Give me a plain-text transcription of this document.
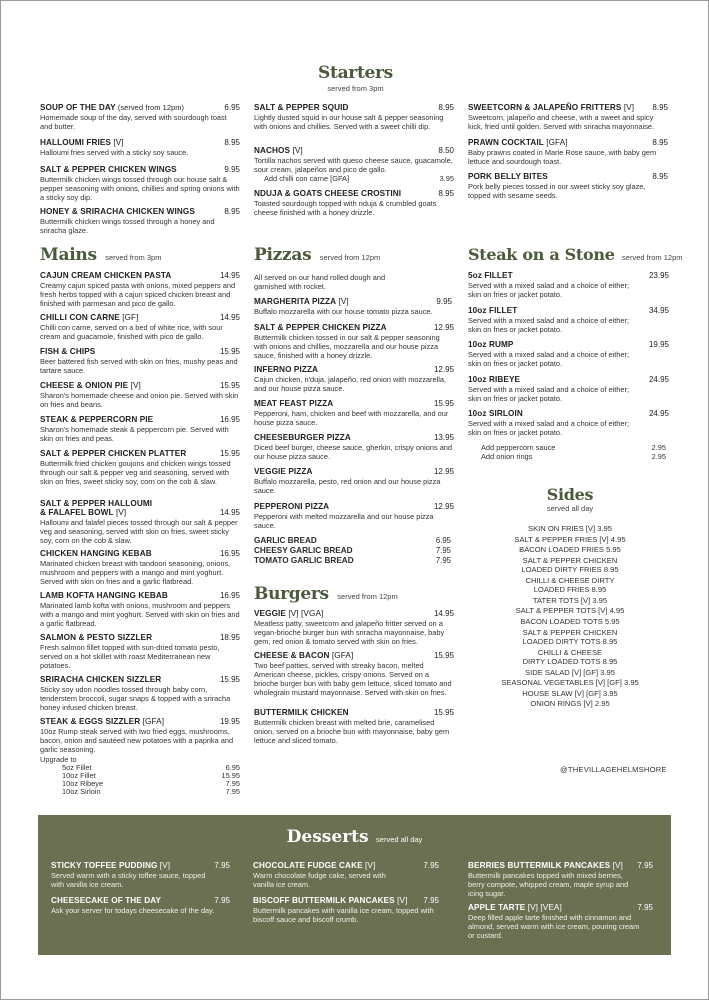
Starters
served from 3pm
SOUP OF THE DAY (served from 12pm)	6.95
Homemade soup of the day, served with sourdough toast and butter.
HALLOUMI FRIES [V]	8.95
Halloumi fries served with a sticky soy sauce.
SALT & PEPPER CHICKEN WINGS	9.95
Buttermilk chicken wings tossed through our house salt & pepper seasoning with onions, chillies and spring onions with a sticky soy dip.
HONEY & SRIRACHA CHICKEN WINGS	8.95
Buttermilk chicken wings tossed through a honey and sriracha glaze.
SALT & PEPPER SQUID	8.95
Lightly dusted squid in our house salt & pepper seasoning with onions and chillies. Served with a sweet chilli dip.
NACHOS [V]	8.50
Tortilla nachos served with queso cheese sauce, guacamole, sour cream, jalapeños and pico de gallo.
Add chilli con carne [GFA]	3.95
NDUJA & GOATS CHEESE CROSTINI	8.95
Toasted sourdough topped with nduja & crumbled goats cheese finished with a honey drizzle.
SWEETCORN & JALAPEÑO FRITTERS [V]	8.95
Sweetcorn, jalapeño and cheese, with a sweet and spicy kick, fried until golden. Served with sriracha mayonnaise.
PRAWN COCKTAIL [GFA]	8.95
Baby prawns coated in Marie Rose sauce, with baby gem lettuce and sourdough toast.
PORK BELLY BITES	8.95
Pork belly pieces tossed in our sweet sticky soy glaze, topped with sesame seeds.
Mains served from 3pm
CAJUN CREAM CHICKEN PASTA	14.95
Creamy cajun spiced pasta with onions, mixed peppers and fresh herbs topped with a cajun spiced chicken breast and finished with parmesan and pico de gallo.
CHILLI CON CARNE [GF]	14.95
Chilli con carne, served on a bed of white rice, with sour cream and guacamole, finished with pico de gallo.
FISH & CHIPS	15.95
Beer battered fish served with skin on fries, mushy peas and tartare sauce.
CHEESE & ONION PIE [V]	15.95
Sharon's homemade cheese and onion pie. Served with skin on fries and beans.
STEAK & PEPPERCORN PIE	16.95
Sharon's homemade steak & peppercorn pie. Served with skin on fries and peas.
SALT & PEPPER CHICKEN PLATTER	15.95
Buttermilk fried chicken goujons and chicken wings tossed through our salt & pepper veg and seasoning, served with skin on fries, sweet sticky soy, corn on the cob & slaw.
SALT & PEPPER HALLOUMI
& FALAFEL BOWL [V]	14.95
Halloumi and falafel pieces tossed through our salt & pepper veg and seasoning, served with skin on fries, sweet sticky soy, corn on the cob & slaw.
CHICKEN HANGING KEBAB	16.95
Marinated chicken breast with tandoori seasoning, onions, mushroom and peppers with a mango and mint yoghurt. Served with skin on fries and a garlic flatbread.
LAMB KOFTA HANGING KEBAB	16.95
Marinated lamb kofta with onions, mushroom and peppers with a mango and mint yoghurt. Served with skin on fries and a garlic flatbread.
SALMON & PESTO SIZZLER	18.95
Fresh salmon fillet topped with sun-dried tomato pesto, served on a hot skillet with roast Mediterranean new potatoes.
SRIRACHA CHICKEN SIZZLER	15.95
Sticky soy udon noodles tossed through baby corn, tenderstem broccoli, sugar snaps & topped with a sriracha honey infused chicken breast.
STEAK & EGGS SIZZLER [GFA]	19.95
10oz Rump steak served with two fried eggs, mushrooms, bacon, onion and sautéed new potatoes with a paprika and garlic seasoning.
Upgrade to
5oz Fillet	6.95
10oz Fillet	15.95
10oz Ribeye	7.95
10oz Sirloin	7.95
Pizzas served from 12pm
All served on our hand rolled dough and garnished with rocket.
MARGHERITA PIZZA [V]	9.95
Buffalo mozzarella with our house tomato pizza sauce.
SALT & PEPPER CHICKEN PIZZA	12.95
Buttermilk chicken tossed in our salt & pepper seasoning with onions and chillies, mozzarella and our house pizza sauce, finished with a honey drizzle.
INFERNO PIZZA	12.95
Cajun chicken, n'duja, jalapeño, red onion with mozzarella, and our house pizza sauce.
MEAT FEAST PIZZA	15.95
Pepperoni, ham, chicken and beef with mozzarella, and our house pizza sauce.
CHEESEBURGER PIZZA	13.95
Diced beef burger, cheese sauce, gherkin, crispy onions and our house pizza sauce.
VEGGIE PIZZA	12.95
Buffalo mozzarella, pesto, red onion and our house pizza sauce.
PEPPERONI PIZZA	12.95
Pepperoni with melted mozzarella and our house pizza sauce.
GARLIC BREAD	6.95
CHEESY GARLIC BREAD	7.95
TOMATO GARLIC BREAD	7.95
Burgers served from 12pm
VEGGIE [V] [VGA]	14.95
Meatless patty, sweetcorn and jalapeño fritter served on a vegan-brioche burger bun with sriracha mayonnaise, baby gem, red onion & tomato served with skin on fries.
CHEESE & BACON [GFA]	15.95
Two beef patties, served with streaky bacon, melted American cheese, pickles, crispy onions. Served on a brioche burger bun with baby gem lettuce, sliced tomato and wholegrain mustard mayonnaise. Served with skin on fries.
BUTTERMILK CHICKEN	15.95
Buttermilk chicken breast with melted brie, caramelised onion, served on a brioche bun with mayonnaise, baby gem lettuce and sliced tomato.
Steak on a Stone served from 12pm
5oz FILLET	23.95
Served with a mixed salad and a choice of either; skin on fries or jacket potato.
10oz FILLET	34.95
Served with a mixed salad and a choice of either; skin on fries or jacket potato.
10oz RUMP	19.95
Served with a mixed salad and a choice of either; skin on fries or jacket potato.
10oz RIBEYE	24.95
Served with a mixed salad and a choice of either; skin on fries or jacket potato.
10oz SIRLOIN	24.95
Served with a mixed salad and a choice of either; skin on fries or jacket potato.
Add peppercorn sauce	2.95
Add onion rings	2.95
Sides
served all day
SKIN ON FRIES [V] 3.95
SALT & PEPPER FRIES [V] 4.95
BACON LOADED FRIES 5.95
SALT & PEPPER CHICKEN
LOADED DIRTY FRIES 8.95
CHILLI & CHEESE DIRTY
LOADED FRIES 8.95
TATER TOTS [V] 3.95
SALT & PEPPER TOTS [V] 4.95
BACON LOADED TOTS 5.95
SALT & PEPPER CHICKEN
LOADED DIRTY TOTS 8.95
CHILLI & CHEESE
DIRTY LOADED TOTS 8.95
SIDE SALAD [V] [GF] 3.95
SEASONAL VEGETABLES [V] [GF] 3.95
HOUSE SLAW [V] [GF] 3.95
ONION RINGS [V] 2.95
@THEVILLAGEHELMSHORE
Desserts served all day
STICKY TOFFEE PUDDING [V]	7.95
Served warm with a sticky toffee sauce, topped with vanilla ice cream.
CHEESECAKE OF THE DAY	7.95
Ask your server for todays cheesecake of the day.
CHOCOLATE FUDGE CAKE [V]	7.95
Warm chocolate fudge cake, served with vanilla ice cream.
BISCOFF BUTTERMILK PANCAKES [V]	7.95
Buttermilk pancakes with vanilla ice cream, topped with biscoff sauce and biscoff crumb.
BERRIES BUTTERMILK PANCAKES [V]	7.95
Buttermilk pancakes topped with mixed berries, berry compote, whipped cream, maple syrup and icing sugar.
APPLE TARTE [V] [VEA]	7.95
Deep filled apple tarte finished with cinnamon and almond, served warm with ice cream, pouring cream or custard.
